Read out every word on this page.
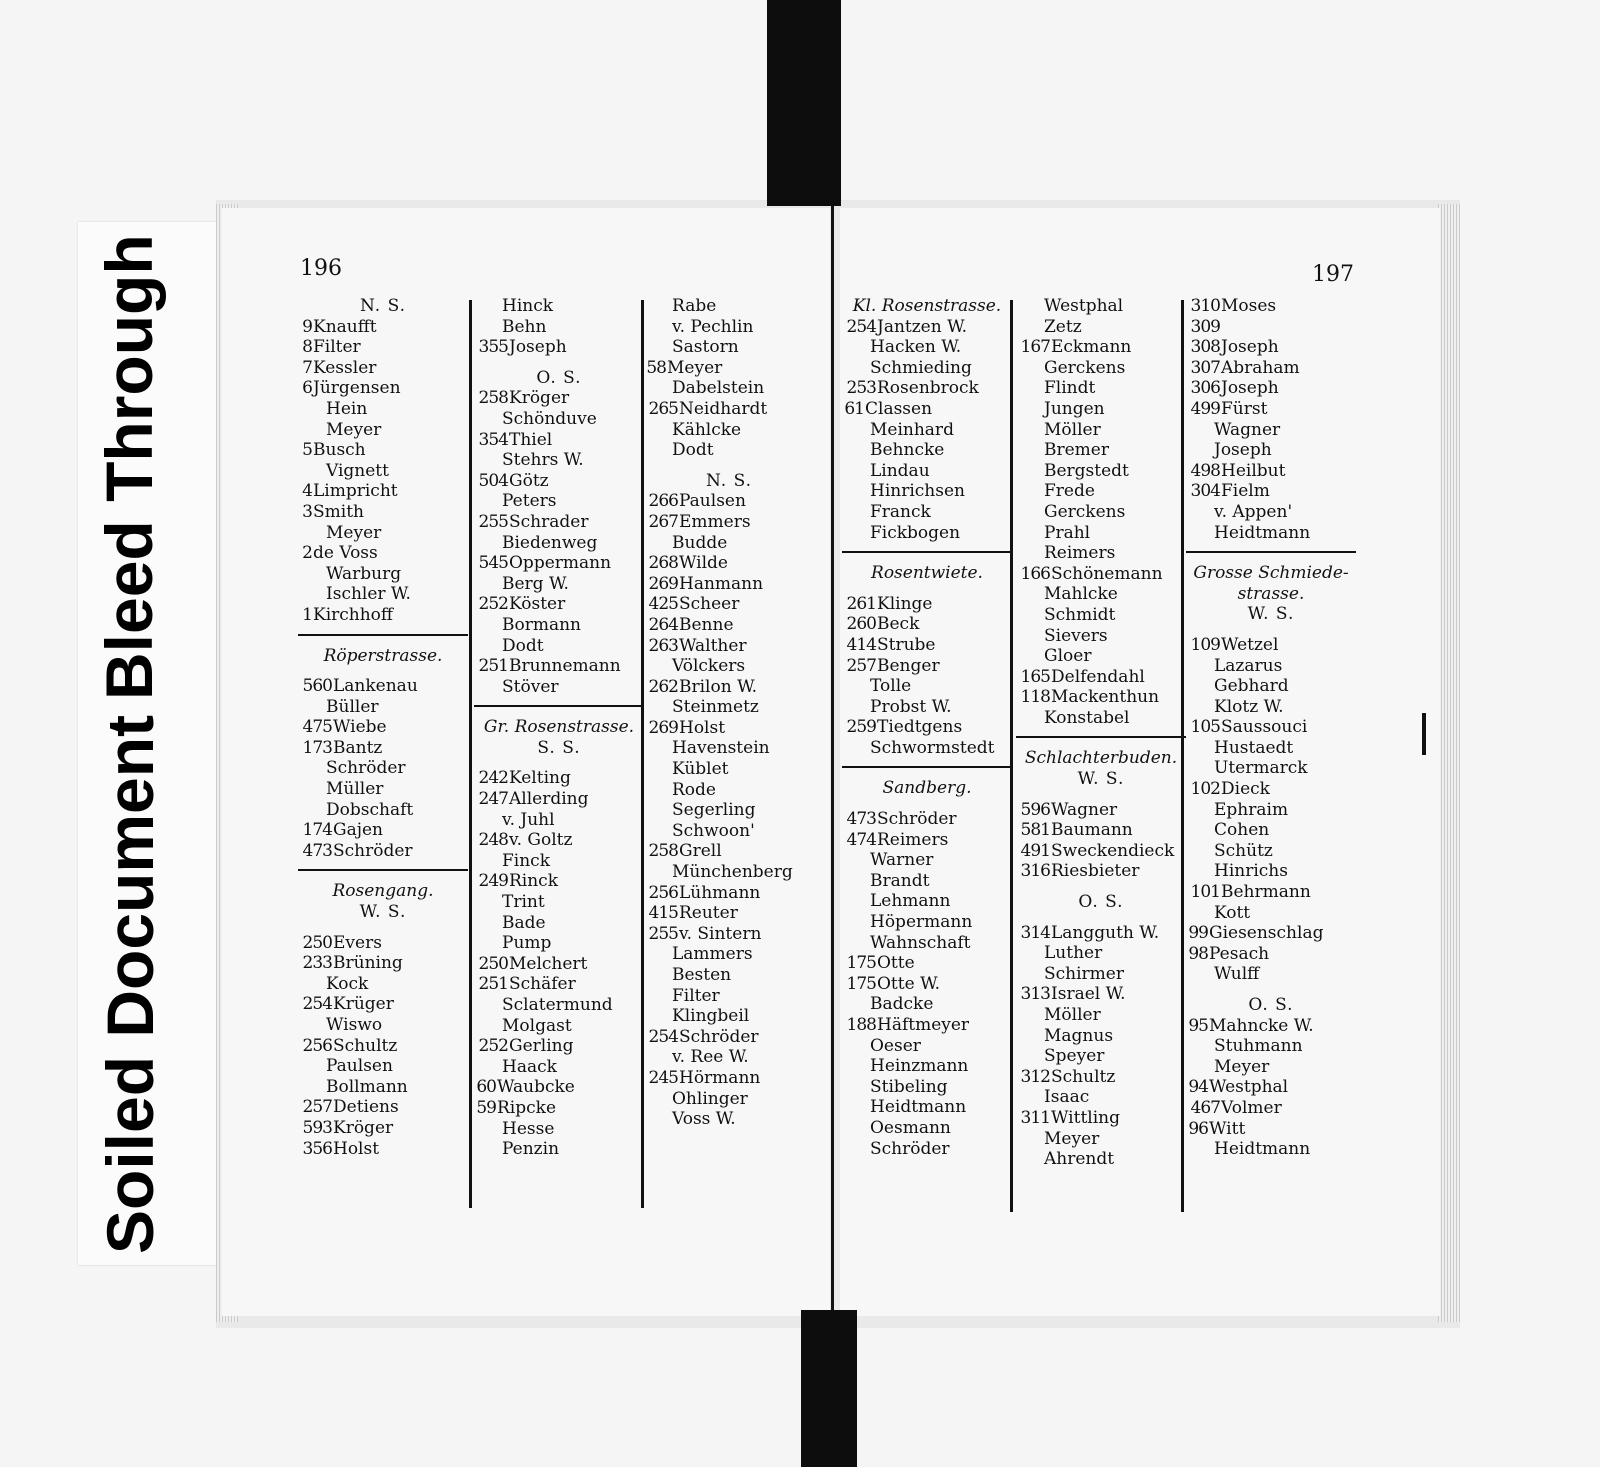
Bleed Through
Soiled Document
196	197
N. S.
9Knaufft
8Filter
7Kessler
6Jürgensen
Hein
Meyer
5Busch
Vignett
4Limpricht
3Smith
Meyer
2de Voss
Warburg
Ischler W.
1Kirchhoff
Röperstrasse.
560Lankenau
Büller
475Wiebe
173Bantz
Schröder
Müller
Dobschaft
174Gajen
473Schröder
Rosengang.
W. S.
250Evers
233Brüning
Kock
254Krüger
Wiswo
256Schultz
Paulsen
Bollmann
257Detiens
593Kröger
356Holst
Hinck
Behn
355Joseph
O. S.
258Kröger
Schönduve
354Thiel
Stehrs W.
504Götz
Peters
255Schrader
Biedenweg
545Oppermann
Berg W.
252Köster
Bormann
Dodt
251Brunnemann
Stöver
Gr. Rosenstrasse.
S. S.
242Kelting
247Allerding
v. Juhl
248v. Goltz
Finck
249Rinck
Trint
Bade
Pump
250Melchert
251Schäfer
Sclatermund
Molgast
252Gerling
Haack
60Waubcke
59Ripcke
Hesse
Penzin
Rabe
v. Pechlin
Sastorn
58Meyer
Dabelstein
265Neidhardt
Kählcke
Dodt
N. S.
266Paulsen
267Emmers
Budde
268Wilde
269Hanmann
425Scheer
264Benne
263Walther
Völckers
262Brilon W.
Steinmetz
269Holst
Havenstein
Küblet
Rode
Segerling
Schwoon'
258Grell
Münchenberg
256Lühmann
415Reuter
255v. Sintern
Lammers
Besten
Filter
Klingbeil
254Schröder
v. Ree W.
245Hörmann
Ohlinger
Voss W.
Kl. Rosenstrasse.
254Jantzen W.
Hacken W.
Schmieding
253Rosenbrock
61Classen
Meinhard
Behncke
Lindau
Hinrichsen
Franck
Fickbogen
Rosentwiete.
261Klinge
260Beck
414Strube
257Benger
Tolle
Probst W.
259Tiedtgens
Schwormstedt
Sandberg.
473Schröder
474Reimers
Warner
Brandt
Lehmann
Höpermann
Wahnschaft
175Otte
175Otte W.
Badcke
188Häftmeyer
Oeser
Heinzmann
Stibeling
Heidtmann
Oesmann
Schröder
Westphal
Zetz
167Eckmann
Gerckens
Flindt
Jungen
Möller
Bremer
Bergstedt
Frede
Gerckens
Prahl
Reimers
166Schönemann
Mahlcke
Schmidt
Sievers
Gloer
165Delfendahl
118Mackenthun
Konstabel
Schlachterbuden.
W. S.
596Wagner
581Baumann
491Sweckendieck
316Riesbieter
O. S.
314Langguth W.
Luther
Schirmer
313Israel W.
Möller
Magnus
Speyer
312Schultz
Isaac
311Wittling
Meyer
Ahrendt
310Moses
309
308Joseph
307Abraham
306Joseph
499Fürst
Wagner
Joseph
498Heilbut
304Fielm
v. Appen'
Heidtmann
Grosse Schmiede-
strasse.
W. S.
109Wetzel
Lazarus
Gebhard
Klotz W.
105Saussouci
Hustaedt
Utermarck
102Dieck
Ephraim
Cohen
Schütz
Hinrichs
101Behrmann
Kott
99Giesenschlag
98Pesach
Wulff
O. S.
95Mahncke W.
Stuhmann
Meyer
94Westphal
467Volmer
96Witt
Heidtmann
